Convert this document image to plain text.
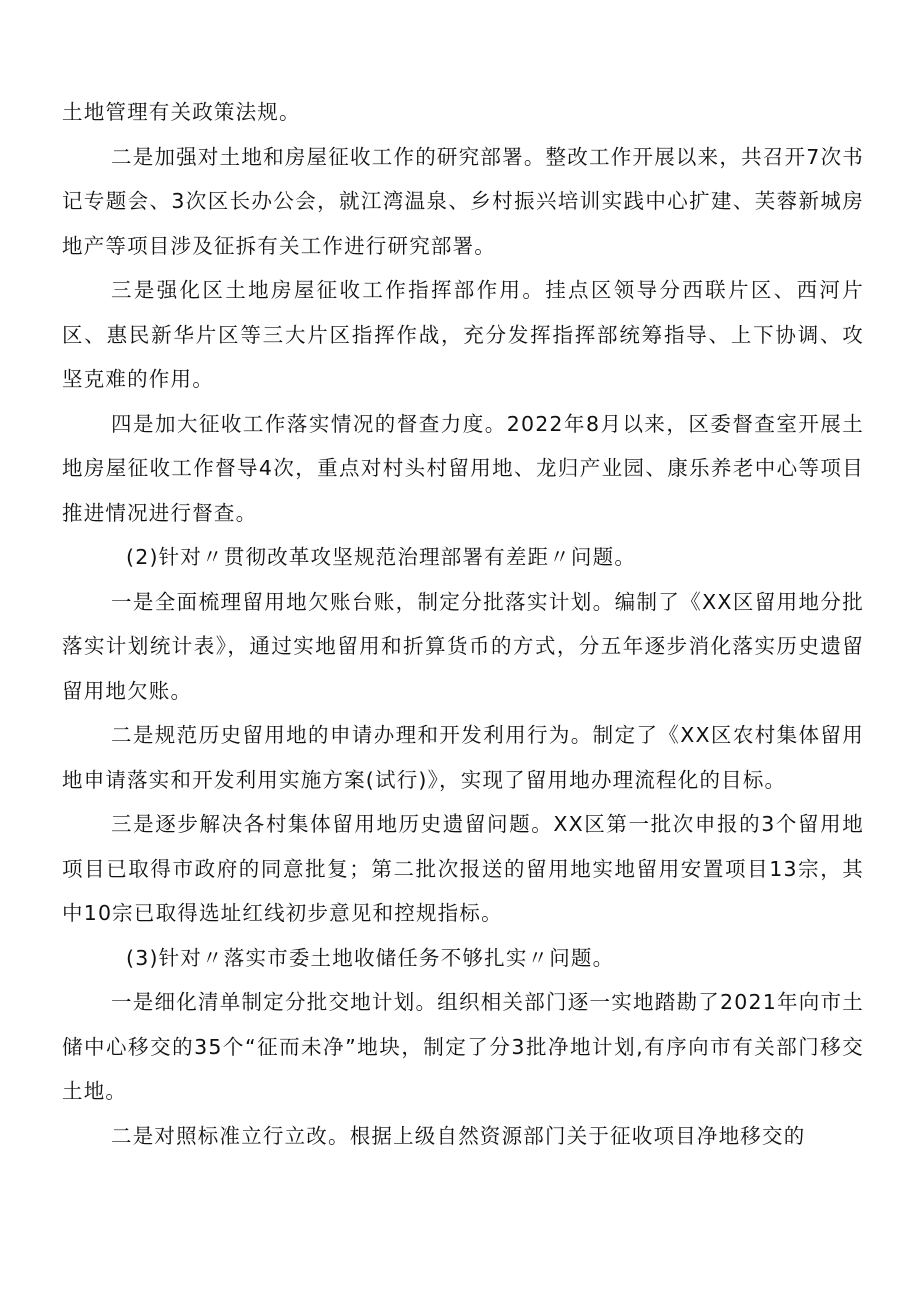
土地管理有关政策法规。

二是加强对土地和房屋征收工作的研究部署。整改工作开展以来，共召开7次书记专题会、3次区长办公会，就江湾温泉、乡村振兴培训实践中心扩建、芙蓉新城房地产等项目涉及征拆有关工作进行研究部署。

三是强化区土地房屋征收工作指挥部作用。挂点区领导分西联片区、西河片区、惠民新华片区等三大片区指挥作战，充分发挥指挥部统筹指导、上下协调、攻坚克难的作用。

四是加大征收工作落实情况的督查力度。2022年8月以来，区委督查室开展土地房屋征收工作督导4次，重点对村头村留用地、龙归产业园、康乐养老中心等项目推进情况进行督查。

(2)针对〃贯彻改革攻坚规范治理部署有差距〃问题。

一是全面梳理留用地欠账台账，制定分批落实计划。编制了《XX区留用地分批落实计划统计表》，通过实地留用和折算货币的方式，分五年逐步消化落实历史遗留留用地欠账。

二是规范历史留用地的申请办理和开发利用行为。制定了《XX区农村集体留用地申请落实和开发利用实施方案(试行)》，实现了留用地办理流程化的目标。

三是逐步解决各村集体留用地历史遗留问题。XX区第一批次申报的3个留用地项目已取得市政府的同意批复；第二批次报送的留用地实地留用安置项目13宗，其中10宗已取得选址红线初步意见和控规指标。

(3)针对〃落实市委土地收储任务不够扎实〃问题。

一是细化清单制定分批交地计划。组织相关部门逐一实地踏勘了2021年向市土储中心移交的35个“征而未净”地块，制定了分3批净地计划,有序向市有关部门移交土地。

二是对照标准立行立改。根据上级自然资源部门关于征收项目净地移交的
